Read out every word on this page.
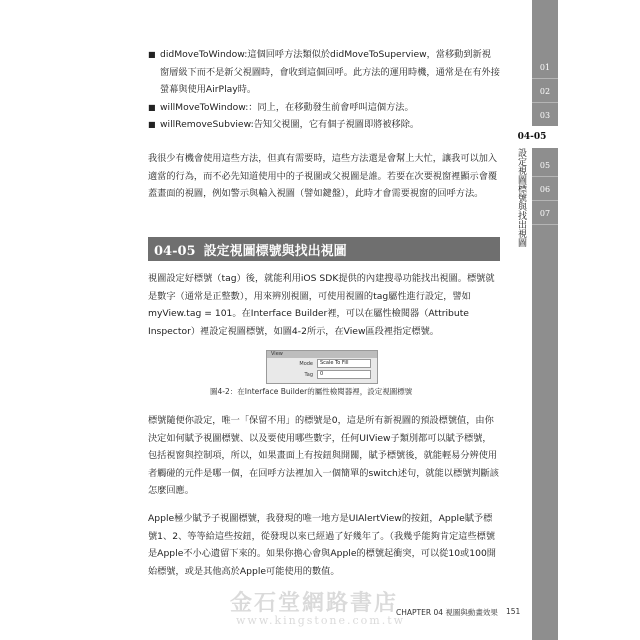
01
02
03
04-05
05
06
07
設定視圖標號與找出視圖
■ didMoveToWindow:這個回呼方法類似於didMoveToSuperview，當移動到新視窗層級下而不是新父視圖時，會收到這個回呼。此方法的運用時機，通常是在有外接螢幕與使用AirPlay時。
■ willMoveToWindow:：同上，在移動發生前會呼叫這個方法。
■ willRemoveSubview:告知父視圖，它有個子視圖即將被移除。
我很少有機會使用這些方法，但真有需要時，這些方法還是會幫上大忙，讓我可以加入適當的行為，而不必先知道使用中的子視圖或父視圖是誰。若要在次要視窗裡顯示會覆蓋畫面的視圖，例如警示與輸入視圖（譬如鍵盤），此時才會需要視窗的回呼方法。
04-05 設定視圖標號與找出視圖
視圖設定好標號（tag）後，就能利用iOS SDK提供的內建搜尋功能找出視圖。標號就是數字（通常是正整數），用來辨別視圖，可使用視圖的tag屬性進行設定，譬如myView.tag = 101。在Interface Builder裡，可以在屬性檢閱器（Attribute Inspector）裡設定視圖標號，如圖4-2所示，在View區段裡指定標號。
View
Mode	Scale To Fill
Tag	0
圖4-2：在Interface Builder的屬性檢閱器裡，設定視圖標號
標號隨便你設定，唯一「保留不用」的標號是0，這是所有新視圖的預設標號值，由你決定如何賦予視圖標號、以及要使用哪些數字，任何UIView子類別都可以賦予標號，包括視窗與控制項，所以，如果畫面上有按鈕與開關，賦予標號後，就能輕易分辨使用者觸碰的元件是哪一個，在回呼方法裡加入一個簡單的switch述句，就能以標號判斷該怎麼回應。
Apple極少賦予子視圖標號，我發現的唯一地方是UIAlertView的按鈕，Apple賦予標號1、2、等等給這些按鈕，從發現以來已經過了好幾年了。（我幾乎能夠肯定這些標號是Apple不小心遺留下來的。如果你擔心會與Apple的標號起衝突，可以從10或100開始標號，或是其他高於Apple可能使用的數值。
金石堂網路書店
www.kingstone.com.tw
CHAPTER 04 視圖與動畫效果 151
